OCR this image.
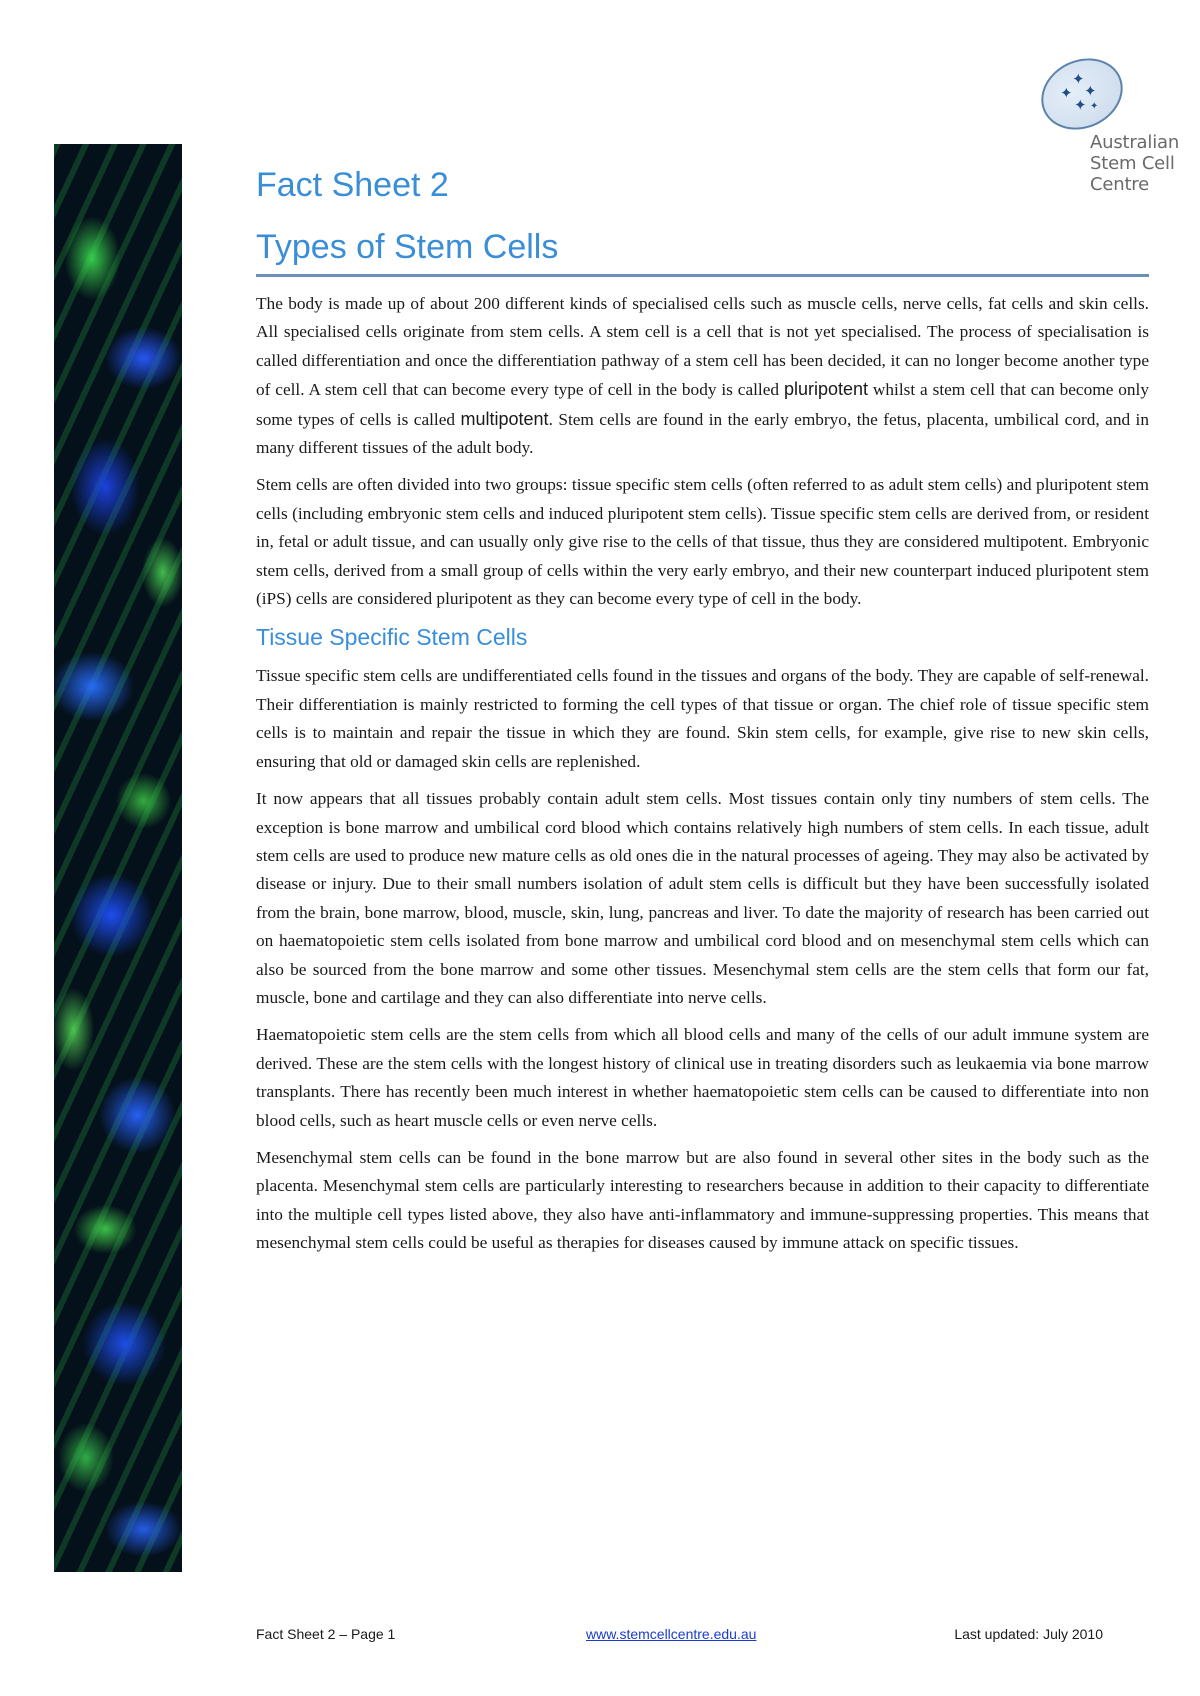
✦
✦ ✦
✦ ✦
Australian
Stem Cell
Centre
Fact Sheet 2
Types of Stem Cells

The body is made up of about 200 different kinds of specialised cells such as muscle cells, nerve cells, fat cells and skin cells. All specialised cells originate from stem cells. A stem cell is a cell that is not yet specialised. The process of specialisation is called differentiation and once the differentiation pathway of a stem cell has been decided, it can no longer become another type of cell. A stem cell that can become every type of cell in the body is called pluripotent whilst a stem cell that can become only some types of cells is called multipotent. Stem cells are found in the early embryo, the fetus, placenta, umbilical cord, and in many different tissues of the adult body.

Stem cells are often divided into two groups: tissue specific stem cells (often referred to as adult stem cells) and pluripotent stem cells (including embryonic stem cells and induced pluripotent stem cells). Tissue specific stem cells are derived from, or resident in, fetal or adult tissue, and can usually only give rise to the cells of that tissue, thus they are considered multipotent. Embryonic stem cells, derived from a small group of cells within the very early embryo, and their new counterpart induced pluripotent stem (iPS) cells are considered pluripotent as they can become every type of cell in the body.

Tissue Specific Stem Cells

Tissue specific stem cells are undifferentiated cells found in the tissues and organs of the body. They are capable of self-renewal. Their differentiation is mainly restricted to forming the cell types of that tissue or organ. The chief role of tissue specific stem cells is to maintain and repair the tissue in which they are found. Skin stem cells, for example, give rise to new skin cells, ensuring that old or damaged skin cells are replenished.

It now appears that all tissues probably contain adult stem cells. Most tissues contain only tiny numbers of stem cells. The exception is bone marrow and umbilical cord blood which contains relatively high numbers of stem cells. In each tissue, adult stem cells are used to produce new mature cells as old ones die in the natural processes of ageing. They may also be activated by disease or injury. Due to their small numbers isolation of adult stem cells is difficult but they have been successfully isolated from the brain, bone marrow, blood, muscle, skin, lung, pancreas and liver. To date the majority of research has been carried out on haematopoietic stem cells isolated from bone marrow and umbilical cord blood and on mesenchymal stem cells which can also be sourced from the bone marrow and some other tissues. Mesenchymal stem cells are the stem cells that form our fat, muscle, bone and cartilage and they can also differentiate into nerve cells.

Haematopoietic stem cells are the stem cells from which all blood cells and many of the cells of our adult immune system are derived. These are the stem cells with the longest history of clinical use in treating disorders such as leukaemia via bone marrow transplants. There has recently been much interest in whether haematopoietic stem cells can be caused to differentiate into non blood cells, such as heart muscle cells or even nerve cells.

Mesenchymal stem cells can be found in the bone marrow but are also found in several other sites in the body such as the placenta. Mesenchymal stem cells are particularly interesting to researchers because in addition to their capacity to differentiate into the multiple cell types listed above, they also have anti-inflammatory and immune-suppressing properties. This means that mesenchymal stem cells could be useful as therapies for diseases caused by immune attack on specific tissues.

Fact Sheet 2 – Page 1	www.stemcellcentre.edu.au	Last updated: July 2010
